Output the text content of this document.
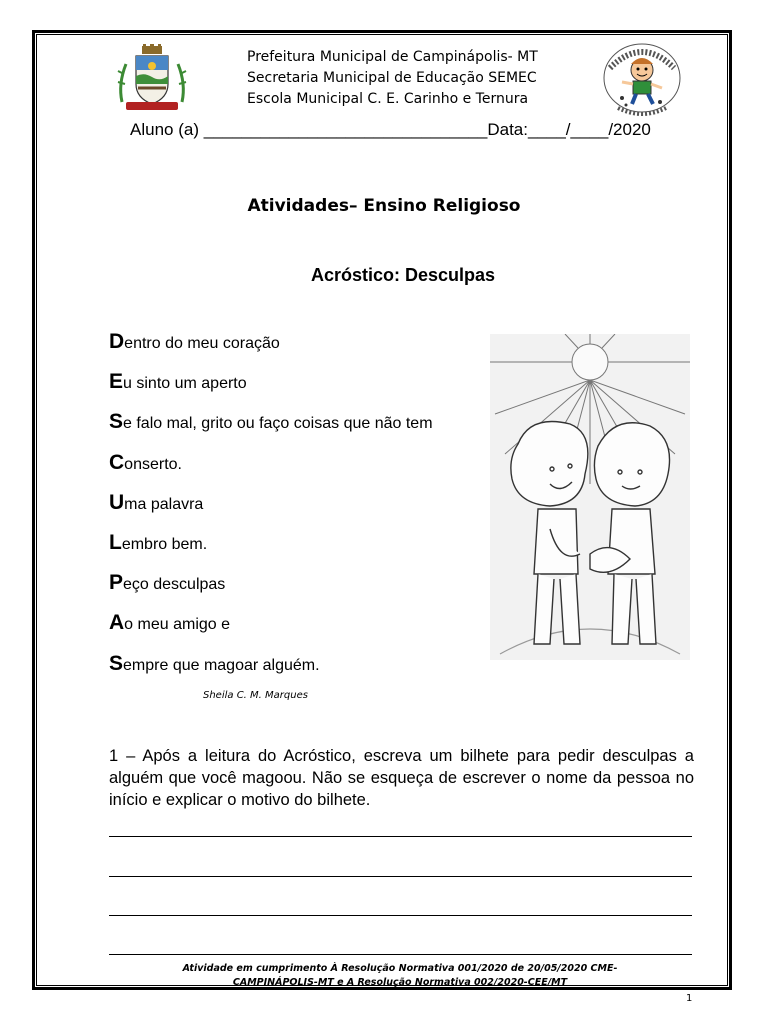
Prefeitura Municipal de Campinápolis- MT
Secretaria Municipal de Educação SEMEC
Escola Municipal C. E. Carinho e Ternura
Aluno (a) ______________________________Data:____/____/2020
Atividades– Ensino Religioso
Acróstico: Desculpas
Dentro do meu coração
Eu sinto um aperto
Se falo mal, grito ou faço coisas que não tem
Conserto.
Uma palavra
Lembro bem.
Peço desculpas
Ao meu amigo e
Sempre que magoar alguém.
Sheila C. M. Marques
1 – Após a leitura do Acróstico, escreva um bilhete para pedir desculpas a alguém que você magoou. Não se esqueça de escrever o nome da pessoa no início e explicar o motivo do bilhete.
Atividade em cumprimento À Resolução Normativa 001/2020 de 20/05/2020 CME-
CAMPINÁPOLIS-MT e A Resolução Normativa 002/2020-CEE/MT
1
